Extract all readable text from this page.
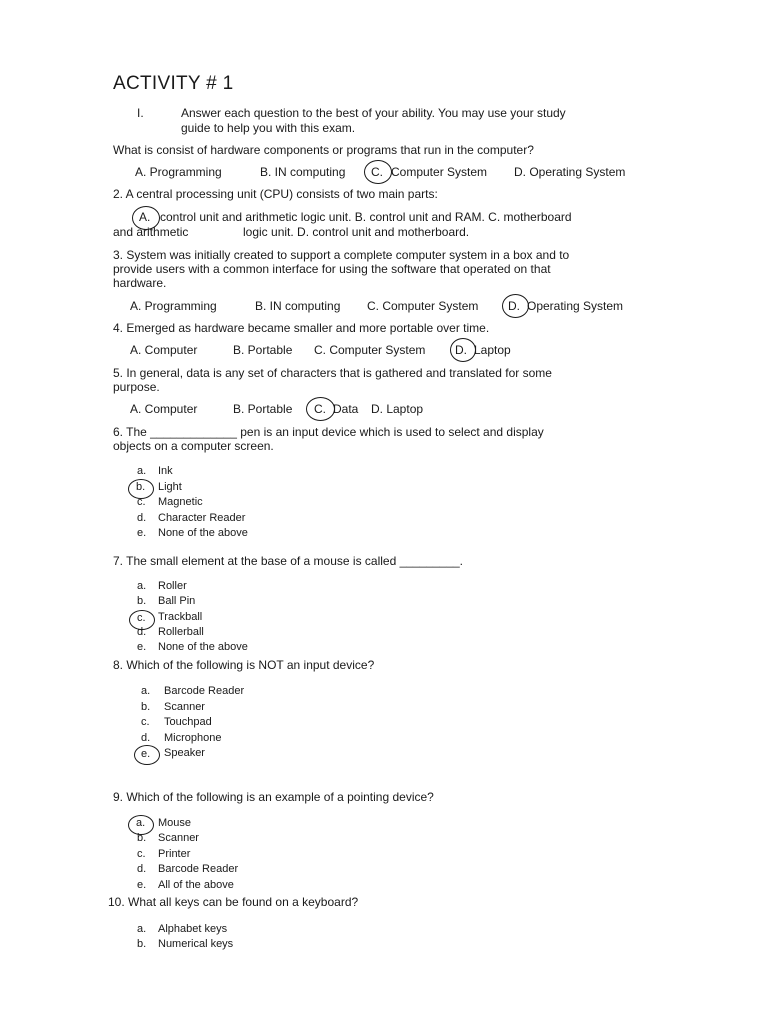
ACTIVITY # 1
I.	Answer each question to the best of your ability. You may use your study
guide to help you with this exam.
What is consist of hardware components or programs that run in the computer?
A. Programming	B. IN computing C. Computer System D. Operating System
2. A central processing unit (CPU) consists of two main parts:
A. control unit and arithmetic logic unit. B. control unit and RAM. C. motherboard
and arithmetic	logic unit. D. control unit and motherboard.
3. System was initially created to support a complete computer system in a box and to
provide users with a common interface for using the software that operated on that
hardware.
A. Programming	B. IN computing C. Computer System D. Operating System
4. Emerged as hardware became smaller and more portable over time.
A. Computer	B. Portable C. Computer System D. Laptop
5. In general, data is any set of characters that is gathered and translated for some
purpose.
A. Computer	B. Portable C. Data D. Laptop
6. The _____________ pen is an input device which is used to select and display
objects on a computer screen.
a. Ink
b. Light
c. Magnetic
d. Character Reader
e. None of the above
7. The small element at the base of a mouse is called _________.
a. Roller
b. Ball Pin
c. Trackball
d. Rollerball
e. None of the above
8. Which of the following is NOT an input device?
a. Barcode Reader
b. Scanner
c. Touchpad
d. Microphone
e. Speaker
9. Which of the following is an example of a pointing device?
a. Mouse
b. Scanner
c. Printer
d. Barcode Reader
e. All of the above
10. What all keys can be found on a keyboard?
a. Alphabet keys
b. Numerical keys
